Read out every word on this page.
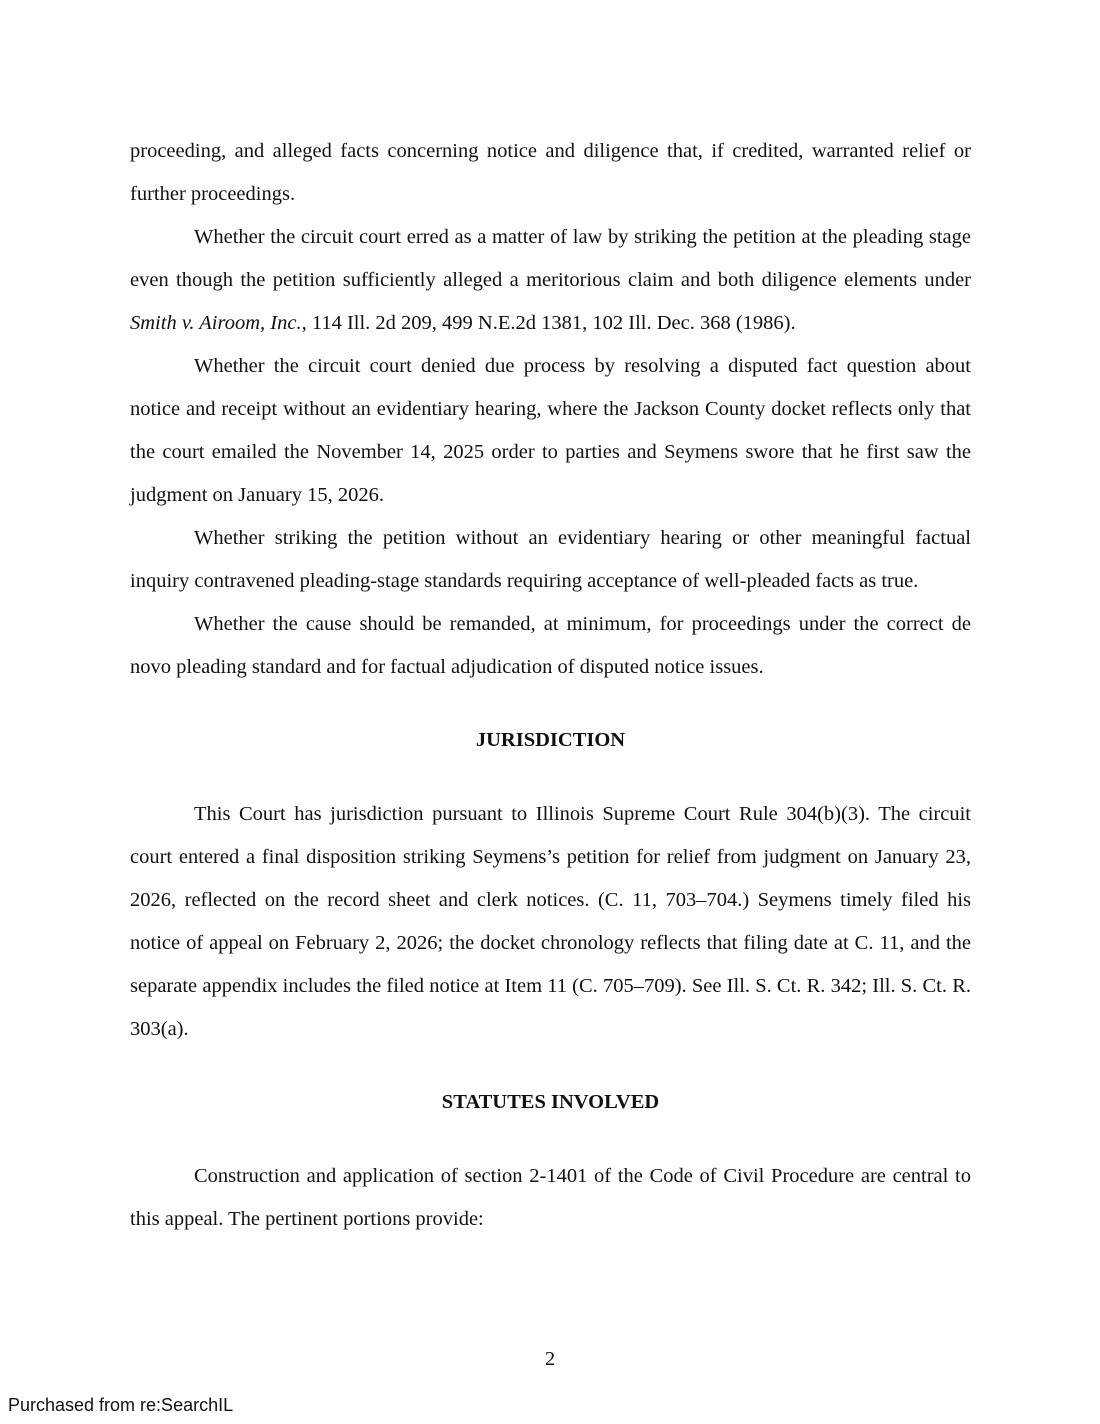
proceeding, and alleged facts concerning notice and diligence that, if credited, warranted relief or further proceedings.

Whether the circuit court erred as a matter of law by striking the petition at the pleading stage even though the petition sufficiently alleged a meritorious claim and both diligence elements under Smith v. Airoom, Inc., 114 Ill. 2d 209, 499 N.E.2d 1381, 102 Ill. Dec. 368 (1986).

Whether the circuit court denied due process by resolving a disputed fact question about notice and receipt without an evidentiary hearing, where the Jackson County docket reflects only that the court emailed the November 14, 2025 order to parties and Seymens swore that he first saw the judgment on January 15, 2026.

Whether striking the petition without an evidentiary hearing or other meaningful factual inquiry contravened pleading-stage standards requiring acceptance of well-pleaded facts as true.

Whether the cause should be remanded, at minimum, for proceedings under the correct de novo pleading standard and for factual adjudication of disputed notice issues.

JURISDICTION

This Court has jurisdiction pursuant to Illinois Supreme Court Rule 304(b)(3). The circuit court entered a final disposition striking Seymens’s petition for relief from judgment on January 23, 2026, reflected on the record sheet and clerk notices. (C. 11, 703–704.) Seymens timely filed his notice of appeal on February 2, 2026; the docket chronology reflects that filing date at C. 11, and the separate appendix includes the filed notice at Item 11 (C. 705–709). See Ill. S. Ct. R. 342; Ill. S. Ct. R. 303(a).

STATUTES INVOLVED

Construction and application of section 2-1401 of the Code of Civil Procedure are central to this appeal. The pertinent portions provide:

2
Purchased from re:SearchIL
